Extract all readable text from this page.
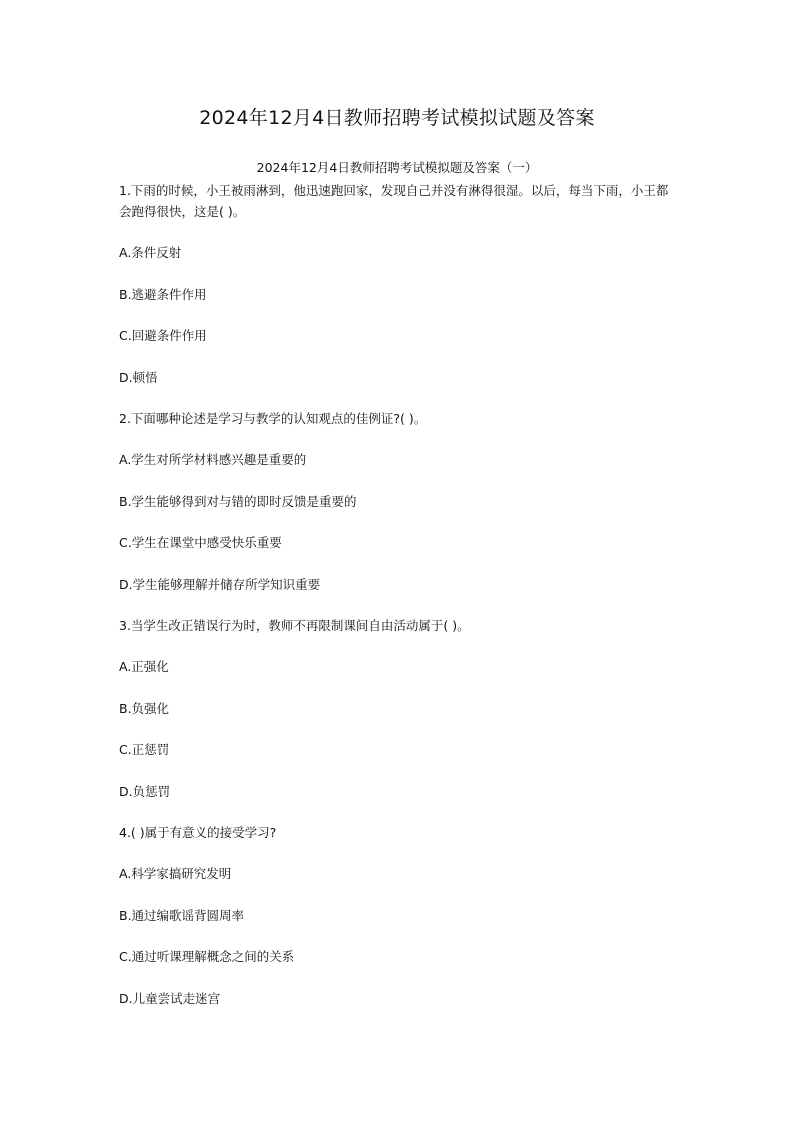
2024年12月4日教师招聘考试模拟试题及答案
2024年12月4日教师招聘考试模拟题及答案（一）

1.下雨的时候，小王被雨淋到，他迅速跑回家，发现自己并没有淋得很湿。以后，每当下雨，小王都会跑得很快，这是( )。

A.条件反射

B.逃避条件作用

C.回避条件作用

D.顿悟

2.下面哪种论述是学习与教学的认知观点的佳例证?( )。

A.学生对所学材料感兴趣是重要的

B.学生能够得到对与错的即时反馈是重要的

C.学生在课堂中感受快乐重要

D.学生能够理解并储存所学知识重要

3.当学生改正错误行为时，教师不再限制课间自由活动属于( )。

A.正强化

B.负强化

C.正惩罚

D.负惩罚

4.( )属于有意义的接受学习?

A.科学家搞研究发明

B.通过编歌谣背圆周率

C.通过听课理解概念之间的关系

D.儿童尝试走迷宫
